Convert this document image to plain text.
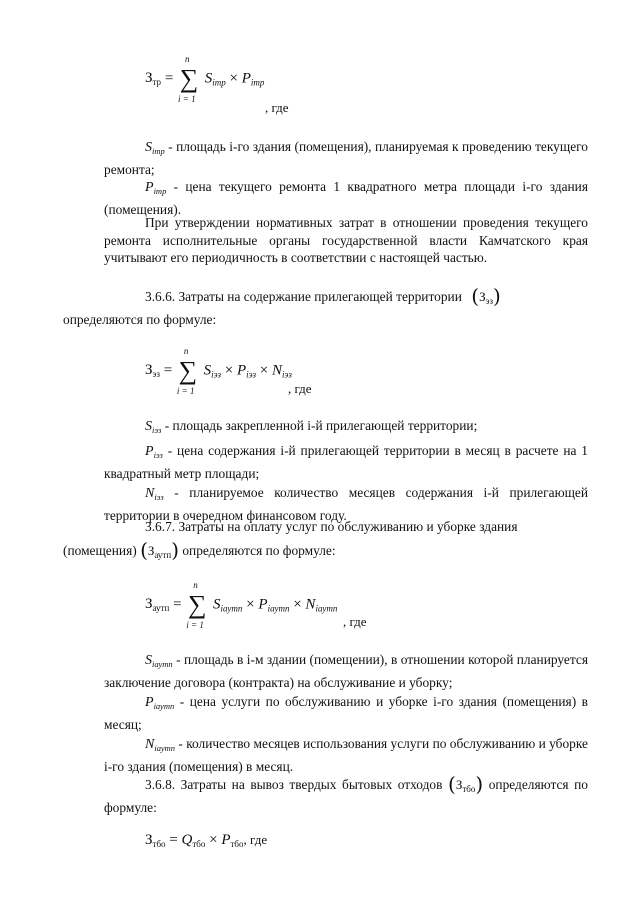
$З_{тр}$ =
n
∑
i = 1
$S_{imp} \times P_{imp}$
, где

$S_{imp}$ - площадь i-го здания (помещения), планируемая к проведению текущего ремонта;

$P_{imp}$ - цена текущего ремонта 1 квадратного метра площади i-го здания (помещения).

При утверждении нормативных затрат в отношении проведения текущего ремонта исполнительные органы государственной власти Камчатского края учитывают его периодичность в соответствии с настоящей частью.

3.6.6. Затраты на содержание прилегающей территории $(З_{эз})$
определяются по формуле:

$З_{эз}$ =
n
∑
i = 1
$S_{iэз} \times P_{iэз} \times N_{iэз}$
, где

$S_{iэз}$ - площадь закрепленной i-й прилегающей территории;

$P_{iэз}$ - цена содержания i-й прилегающей территории в месяц в расчете на 1 квадратный метр площади;

$N_{iэз}$ - планируемое количество месяцев содержания i-й прилегающей территории в очередном финансовом году.

3.6.7. Затраты на оплату услуг по обслуживанию и уборке здания
(помещения) $(З_{аутп})$ определяются по формуле:

$З_{аутп}$ =
n
∑
i = 1
$S_{iаутп} \times P_{iаутп} \times N_{iаутп}$
, где

$S_{iаутп}$ - площадь в i-м здании (помещении), в отношении которой планируется заключение договора (контракта) на обслуживание и уборку;

$P_{iаутп}$ - цена услуги по обслуживанию и уборке i-го здания (помещения) в месяц;

$N_{iаутп}$ - количество месяцев использования услуги по обслуживанию и уборке i-го здания (помещения) в месяц.

3.6.8. Затраты на вывоз твердых бытовых отходов $(З_{тбо})$ определяются по формуле:

$З_{тбо} = Q_{тбо} \times P_{тбо}$, где
